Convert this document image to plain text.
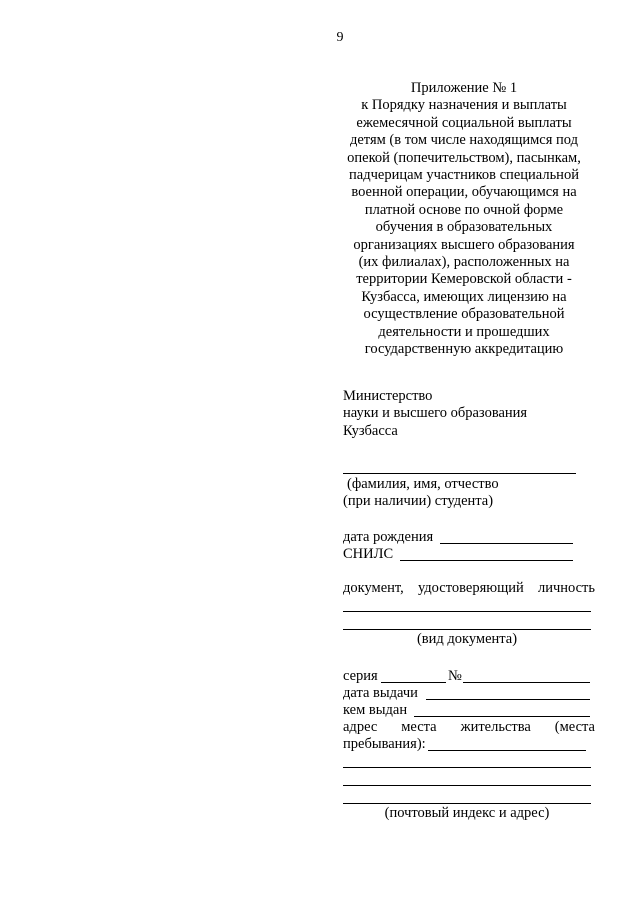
9
Приложение № 1
к Порядку назначения и выплаты
ежемесячной социальной выплаты
детям (в том числе находящимся под
опекой (попечительством), пасынкам,
падчерицам участников специальной
военной операции, обучающимся на
платной основе по очной форме
обучения в образовательных
организациях высшего образования
(их филиалах), расположенных на
территории Кемеровской области -
Кузбасса, имеющих лицензию на
осуществление образовательной
деятельности и прошедших
государственную аккредитацию
Министерство
науки и высшего образования
Кузбасса
(фамилия, имя, отчество
(при наличии) студента)
дата рождения
СНИЛС
документ, удостоверяющий личность
(вид документа)
серия	№
дата выдачи
кем выдан
адрес места жительства (места
пребывания):
(почтовый индекс и адрес)
